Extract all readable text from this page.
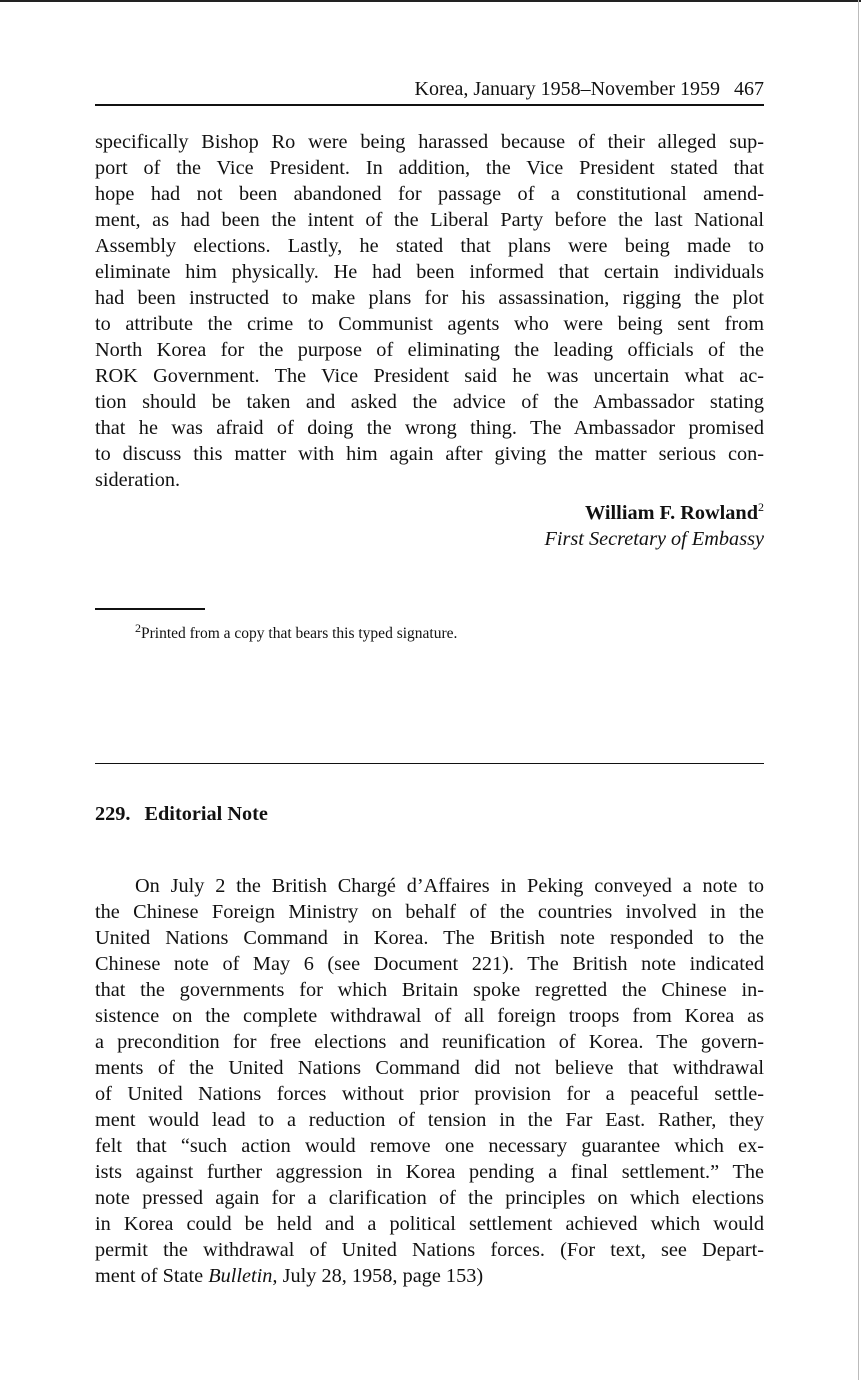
Korea, January 1958–November 1959 467

specifically Bishop Ro were being harassed because of their alleged sup-
port of the Vice President. In addition, the Vice President stated that
hope had not been abandoned for passage of a constitutional amend-
ment, as had been the intent of the Liberal Party before the last National
Assembly elections. Lastly, he stated that plans were being made to
eliminate him physically. He had been informed that certain individuals
had been instructed to make plans for his assassination, rigging the plot
to attribute the crime to Communist agents who were being sent from
North Korea for the purpose of eliminating the leading officials of the
ROK Government. The Vice President said he was uncertain what ac-
tion should be taken and asked the advice of the Ambassador stating
that he was afraid of doing the wrong thing. The Ambassador promised
to discuss this matter with him again after giving the matter serious con-
sideration.

William F. Rowland$^2$
First Secretary of Embassy
$^2$Printed from a copy that bears this typed signature.
229. Editorial Note

On July 2 the British Chargé d’Affaires in Peking conveyed a note to
the Chinese Foreign Ministry on behalf of the countries involved in the
United Nations Command in Korea. The British note responded to the
Chinese note of May 6 (see Document 221). The British note indicated
that the governments for which Britain spoke regretted the Chinese in-
sistence on the complete withdrawal of all foreign troops from Korea as
a precondition for free elections and reunification of Korea. The govern-
ments of the United Nations Command did not believe that withdrawal
of United Nations forces without prior provision for a peaceful settle-
ment would lead to a reduction of tension in the Far East. Rather, they
felt that “such action would remove one necessary guarantee which ex-
ists against further aggression in Korea pending a final settlement.” The
note pressed again for a clarification of the principles on which elections
in Korea could be held and a political settlement achieved which would
permit the withdrawal of United Nations forces. (For text, see Depart-
ment of State Bulletin, July 28, 1958, page 153)
